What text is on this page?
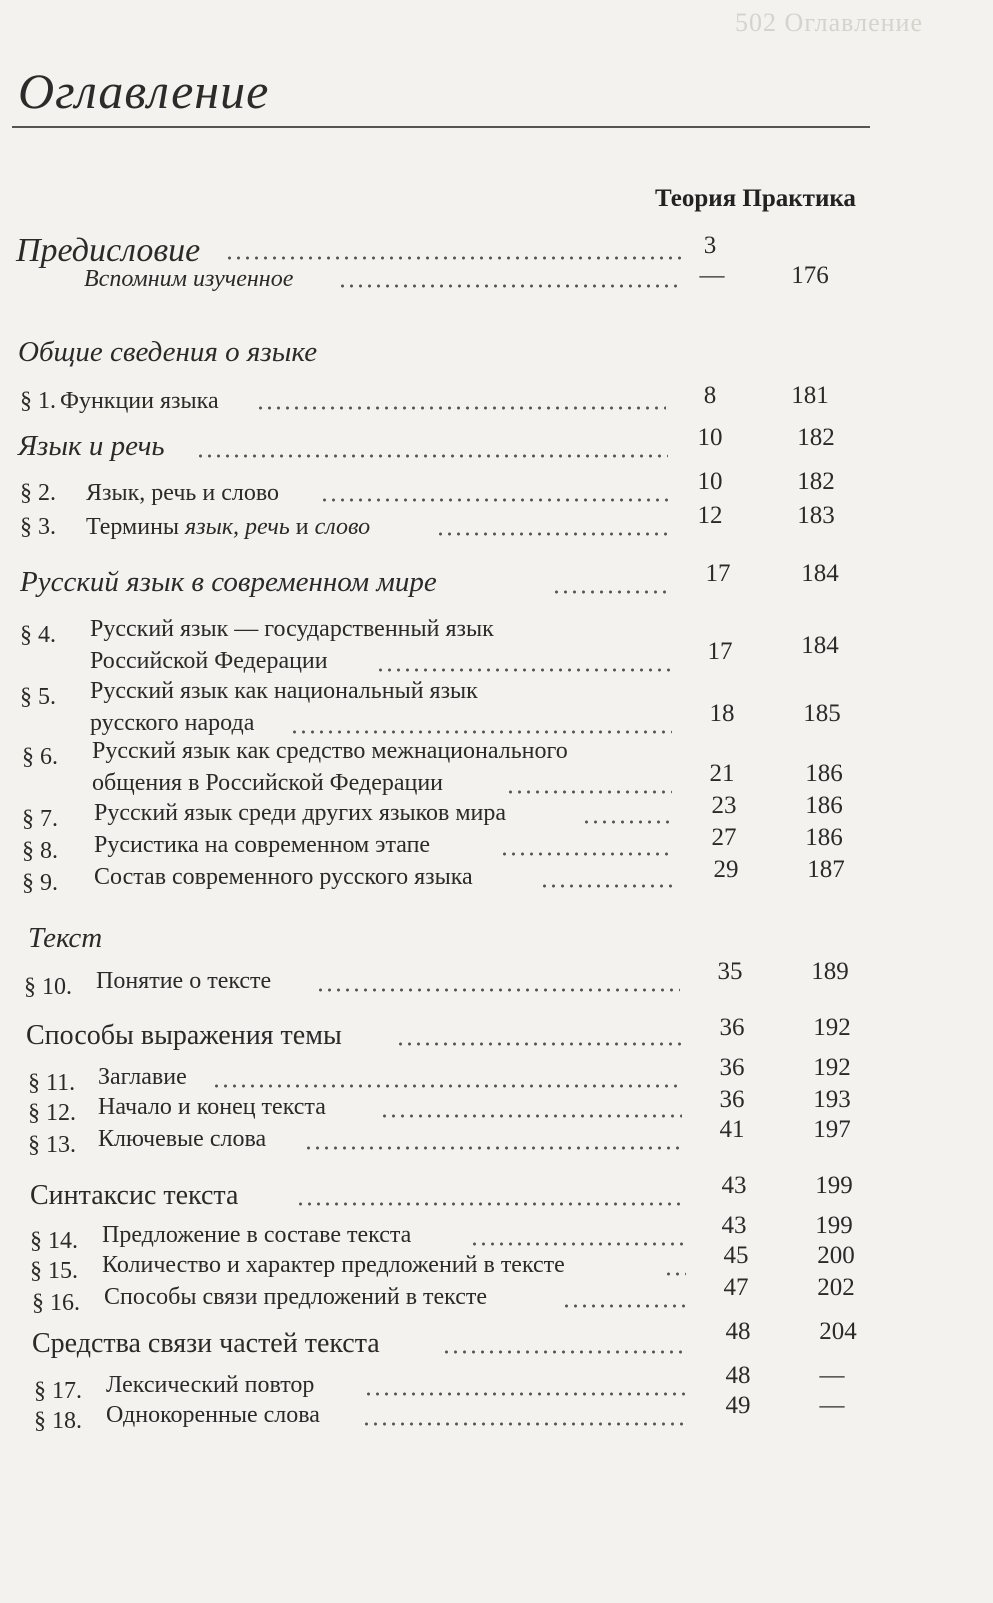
502 Оглавление
Оглавление
Теория Практика
Предисловие	3
Вспомним изученное	—	176
Общие сведения о языке
§ 1. Функции языка	8	181
Язык и речь	10	182
§ 2. Язык, речь и слово	10	182
§ 3. Термины язык, речь и слово	12	183
Русский язык в современном мире	17	184
§ 4. Русский язык — государственный язык
Российской Федерации	17	184
§ 5. Русский язык как национальный язык
русского народа	18	185
§ 6. Русский язык как средство межнационального
общения в Российской Федерации	21	186
§ 7. Русский язык среди других языков мира	23	186
§ 8. Русистика на современном этапе	27	186
§ 9. Состав современного русского языка	29	187
Текст
§ 10. Понятие о тексте	35	189
Способы выражения темы	36	192
§ 11. Заглавие	36	192
§ 12. Начало и конец текста	36	193
§ 13. Ключевые слова	41	197
Синтаксис текста	43	199
§ 14. Предложение в составе текста	43	199
§ 15. Количество и характер предложений в тексте	45	200
§ 16. Способы связи предложений в тексте	47	202
Средства связи частей текста	48	204
§ 17. Лексический повтор	48	—
§ 18. Однокоренные слова	49	—
